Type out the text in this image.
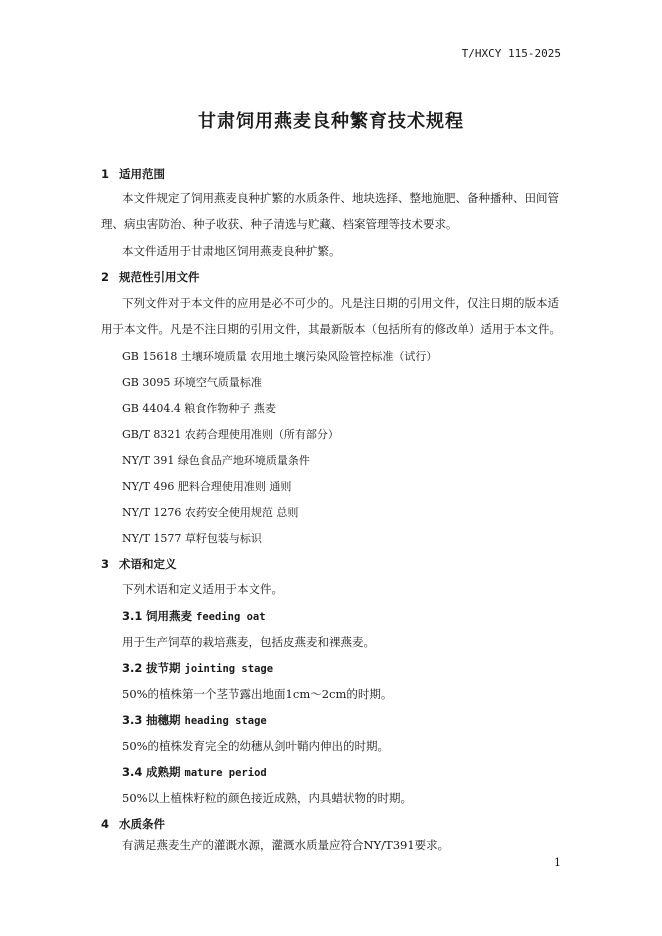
T/HXCY 115-2025
甘肃饲用燕麦良种繁育技术规程
1 适用范围
本文件规定了饲用燕麦良种扩繁的水质条件、地块选择、整地施肥、备种播种、田间管
理、病虫害防治、种子收获、种子清选与贮藏、档案管理等技术要求。
本文件适用于甘肃地区饲用燕麦良种扩繁。
2 规范性引用文件
下列文件对于本文件的应用是必不可少的。凡是注日期的引用文件，仅注日期的版本适
用于本文件。凡是不注日期的引用文件，其最新版本（包括所有的修改单）适用于本文件。
GB 15618 土壤环境质量 农用地土壤污染风险管控标准（试行）
GB 3095 环境空气质量标准
GB 4404.4 粮食作物种子 燕麦
GB/T 8321 农药合理使用准则（所有部分）
NY/T 391 绿色食品产地环境质量条件
NY/T 496 肥料合理使用准则 通则
NY/T 1276 农药安全使用规范 总则
NY/T 1577 草籽包装与标识
3 术语和定义
下列术语和定义适用于本文件。
3.1 饲用燕麦 feeding oat
用于生产饲草的栽培燕麦，包括皮燕麦和裸燕麦。
3.2 拔节期 jointing stage
50%的植株第一个茎节露出地面1cm～2cm的时期。
3.3 抽穗期 heading stage
50%的植株发育完全的幼穗从剑叶鞘内伸出的时期。
3.4 成熟期 mature period
50%以上植株籽粒的颜色接近成熟，内具蜡状物的时期。
4 水质条件
有满足燕麦生产的灌溉水源，灌溉水质量应符合NY/T391要求。
1
